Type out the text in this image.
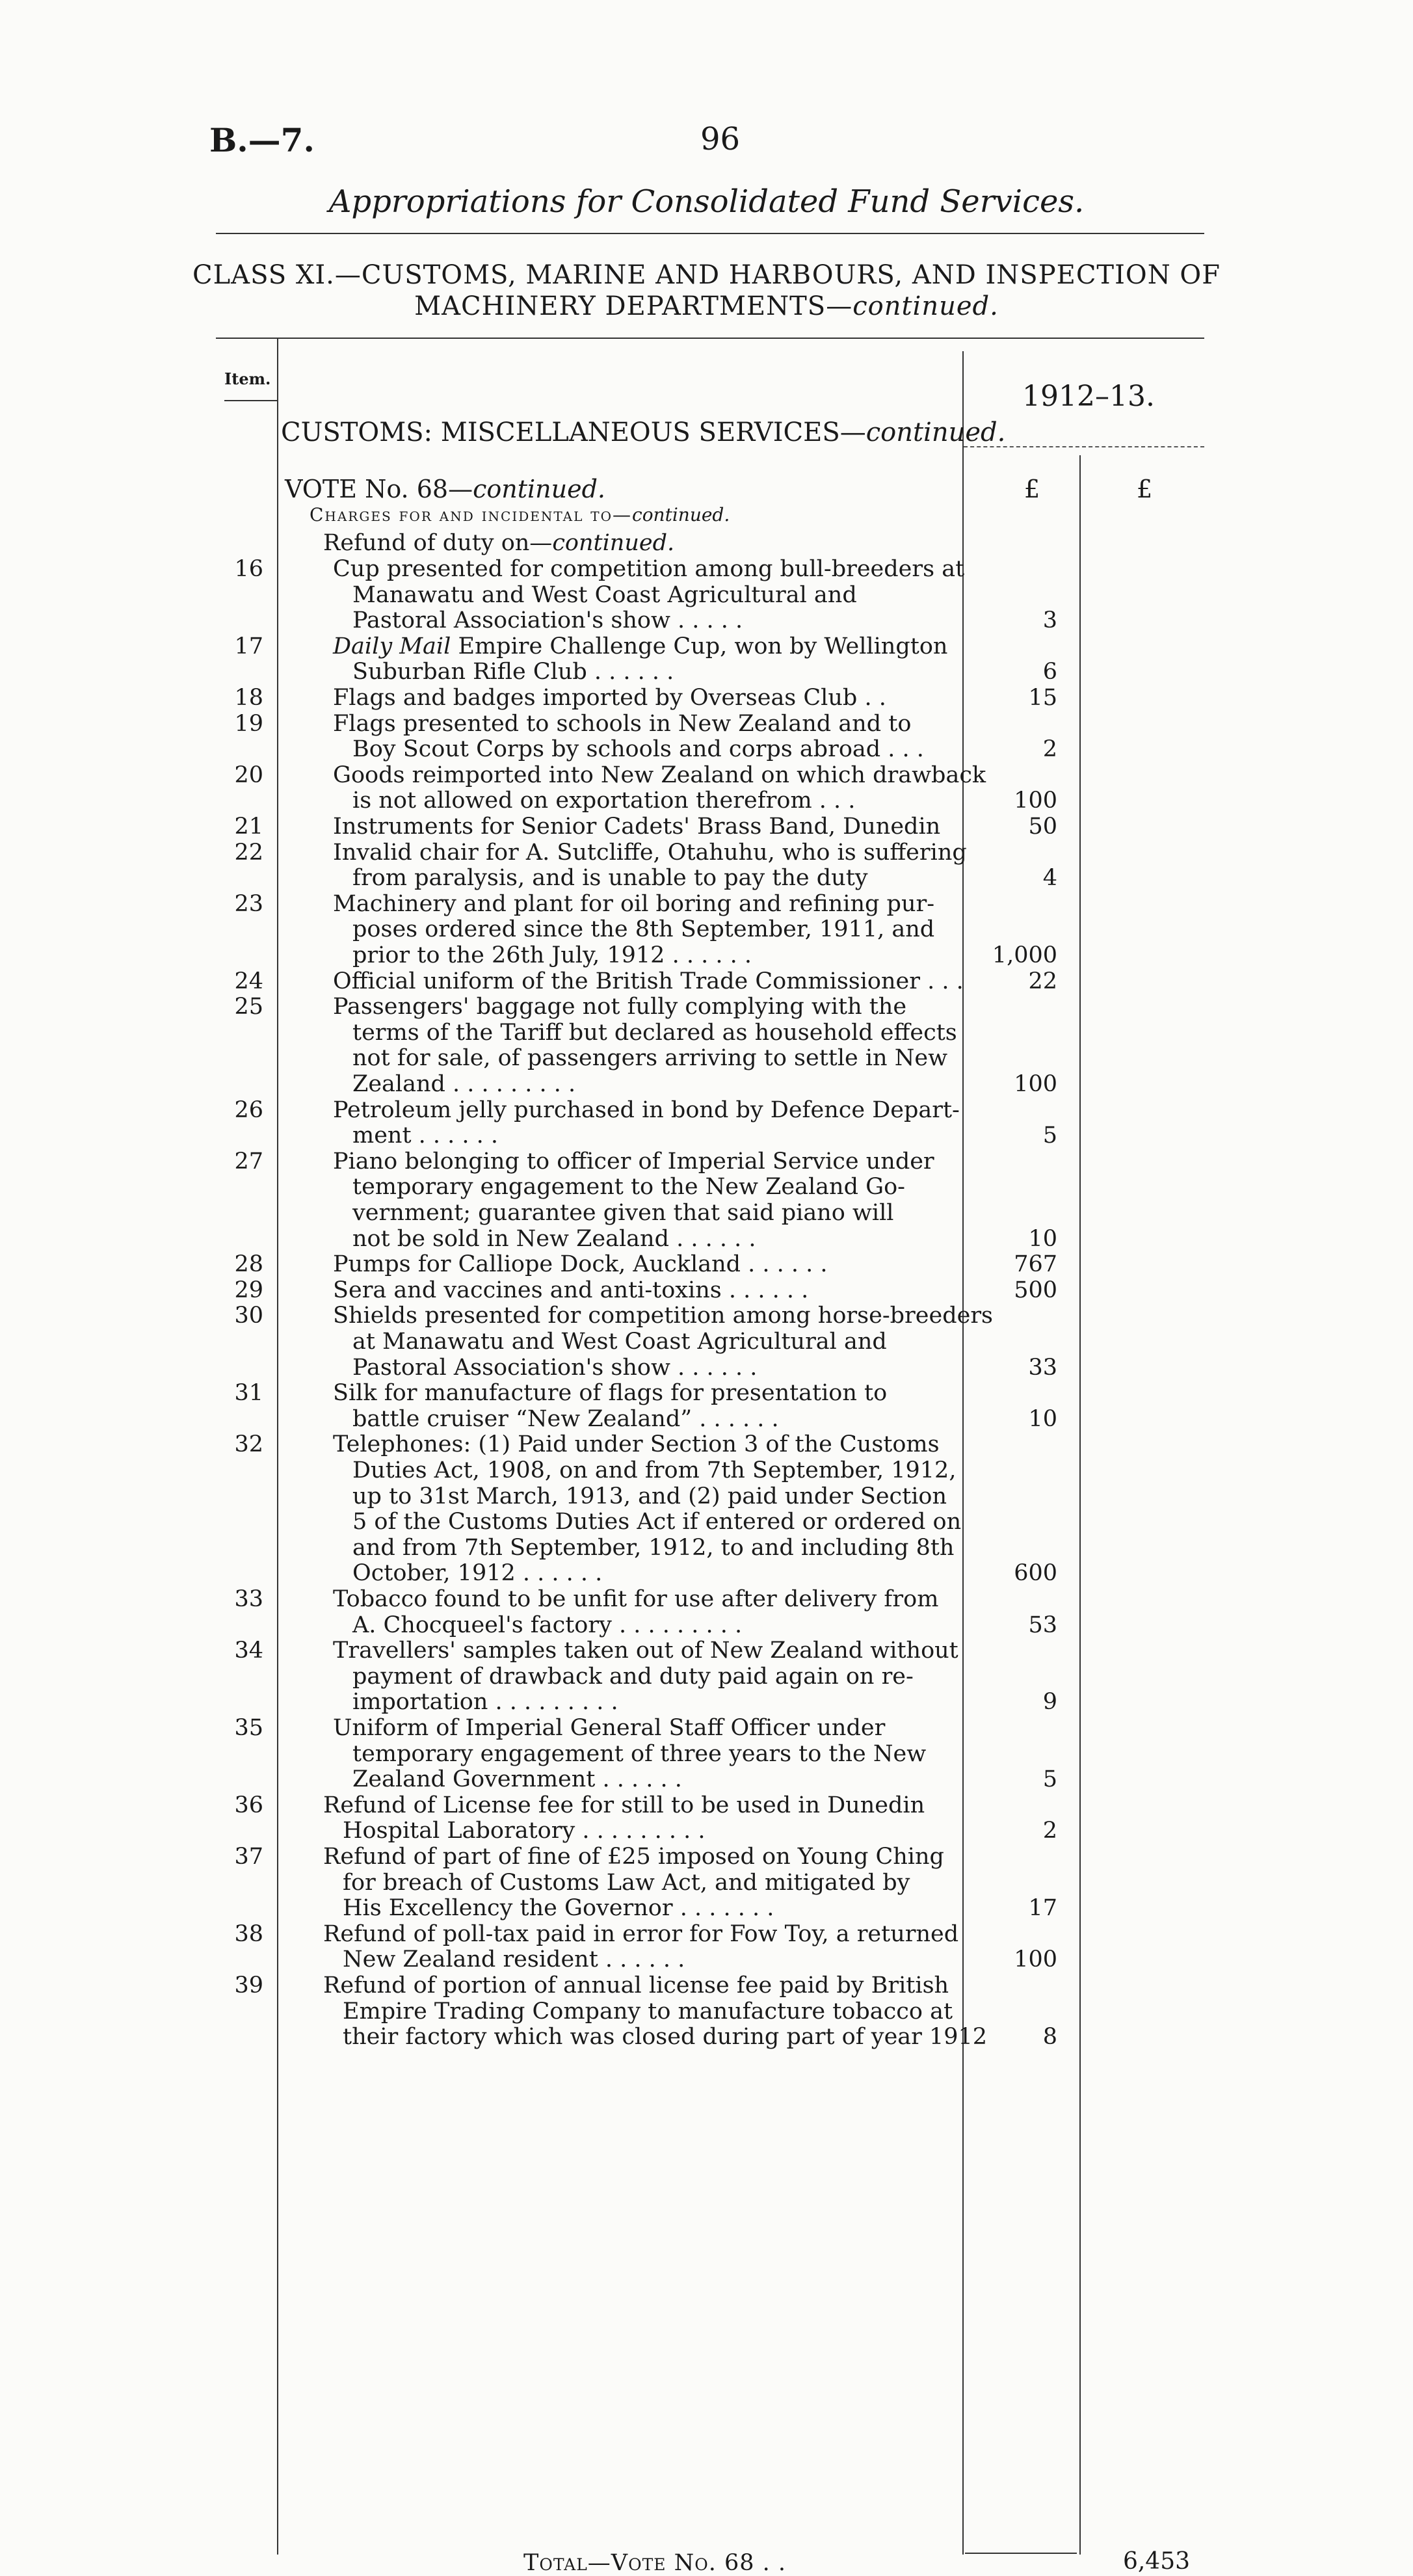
B.—7.	96
Appropriations for Consolidated Fund Services.
CLASS XI.—CUSTOMS, MARINE AND HARBOURS, AND INSPECTION OF
MACHINERY DEPARTMENTS—continued.
Item.
1912–13.
CUSTOMS: MISCELLANEOUS SERVICES—continued.
VOTE No. 68—continued.
Charges for and incidental to—continued.
Refund of duty on—continued.
£	£
16	Cup presented for competition among bull-breeders at
Manawatu and West Coast Agricultural and
Pastoral Association's show . . . . .	3
17	Daily Mail Empire Challenge Cup, won by Wellington
Suburban Rifle Club . . . . . .	6
18	Flags and badges imported by Overseas Club . .	15
19	Flags presented to schools in New Zealand and to
Boy Scout Corps by schools and corps abroad . . .	2
20	Goods reimported into New Zealand on which drawback
is not allowed on exportation therefrom . . .	100
21	Instruments for Senior Cadets' Brass Band, Dunedin	50
22	Invalid chair for A. Sutcliffe, Otahuhu, who is suffering
from paralysis, and is unable to pay the duty	4
23	Machinery and plant for oil boring and refining pur-
poses ordered since the 8th September, 1911, and
prior to the 26th July, 1912 . . . . . .	1,000
24	Official uniform of the British Trade Commissioner . . .	22
25	Passengers' baggage not fully complying with the
terms of the Tariff but declared as household effects
not for sale, of passengers arriving to settle in New
Zealand . . . . . . . . .	100
26	Petroleum jelly purchased in bond by Defence Depart-
ment . . . . . .	5
27	Piano belonging to officer of Imperial Service under
temporary engagement to the New Zealand Go-
vernment; guarantee given that said piano will
not be sold in New Zealand . . . . . .	10
28	Pumps for Calliope Dock, Auckland . . . . . .	767
29	Sera and vaccines and anti-toxins . . . . . .	500
30	Shields presented for competition among horse-breeders
at Manawatu and West Coast Agricultural and
Pastoral Association's show . . . . . .	33
31	Silk for manufacture of flags for presentation to
battle cruiser “New Zealand” . . . . . .	10
32	Telephones: (1) Paid under Section 3 of the Customs
Duties Act, 1908, on and from 7th September, 1912,
up to 31st March, 1913, and (2) paid under Section
5 of the Customs Duties Act if entered or ordered on
and from 7th September, 1912, to and including 8th
October, 1912 . . . . . .	600
33	Tobacco found to be unfit for use after delivery from
A. Chocqueel's factory . . . . . . . . .	53
34	Travellers' samples taken out of New Zealand without
payment of drawback and duty paid again on re-
importation . . . . . . . . .	9
35	Uniform of Imperial General Staff Officer under
temporary engagement of three years to the New
Zealand Government . . . . . .	5
36	Refund of License fee for still to be used in Dunedin
Hospital Laboratory . . . . . . . . .	2
37	Refund of part of fine of £25 imposed on Young Ching
for breach of Customs Law Act, and mitigated by
His Excellency the Governor . . . . . . .	17
38	Refund of poll-tax paid in error for Fow Toy, a returned
New Zealand resident . . . . . .	100
39	Refund of portion of annual license fee paid by British
Empire Trading Company to manufacture tobacco at
their factory which was closed during part of year 1912	8
Total—Vote No. 68 . .	6,453
